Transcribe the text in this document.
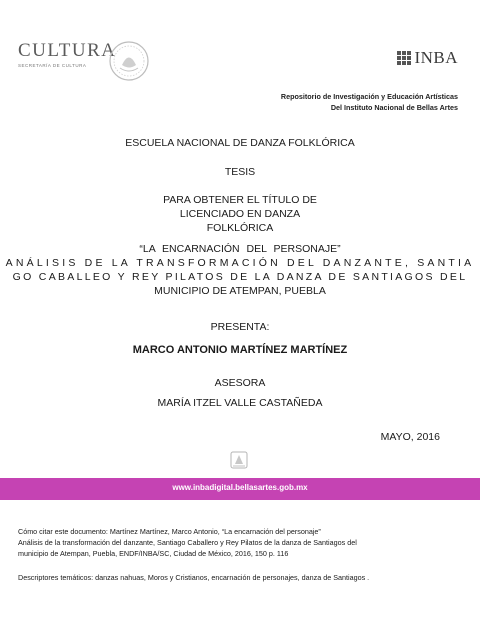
CULTURA
SECRETARÍA DE CULTURA	INBA
Repositorio de Investigación y Educación Artísticas
Del Instituto Nacional de Bellas Artes
ESCUELA NACIONAL DE DANZA FOLKLÓRICA
TESIS
PARA OBTENER EL TÍTULO DE
LICENCIADO EN DANZA
FOLKLÓRICA
“LA ENCARNACIÓN DEL PERSONAJE”
ANÁLISIS DE LA TRANSFORMACIÓN DEL DANZANTE, SANTIA
GO CABALLEO Y REY PILATOS DE LA DANZA DE SANTIAGOS DEL
MUNICIPIO DE ATEMPAN, PUEBLA
PRESENTA:
MARCO ANTONIO MARTÍNEZ MARTÍNEZ
ASESORA
MARÍA ITZEL VALLE CASTAÑEDA
MAYO, 2016
www.inbadigital.bellasartes.gob.mx
Cómo citar este documento: Martínez Martínez, Marco Antonio, “La encarnación del personaje”
Análisis de la transformación del danzante, Santiago Caballero y Rey Pilatos de la danza de Santiagos del
municipio de Atempan, Puebla, ENDF/INBA/SC, Ciudad de México, 2016, 150 p. 116
Descriptores temáticos: danzas nahuas, Moros y Cristianos, encarnación de personajes, danza de Santiagos .
